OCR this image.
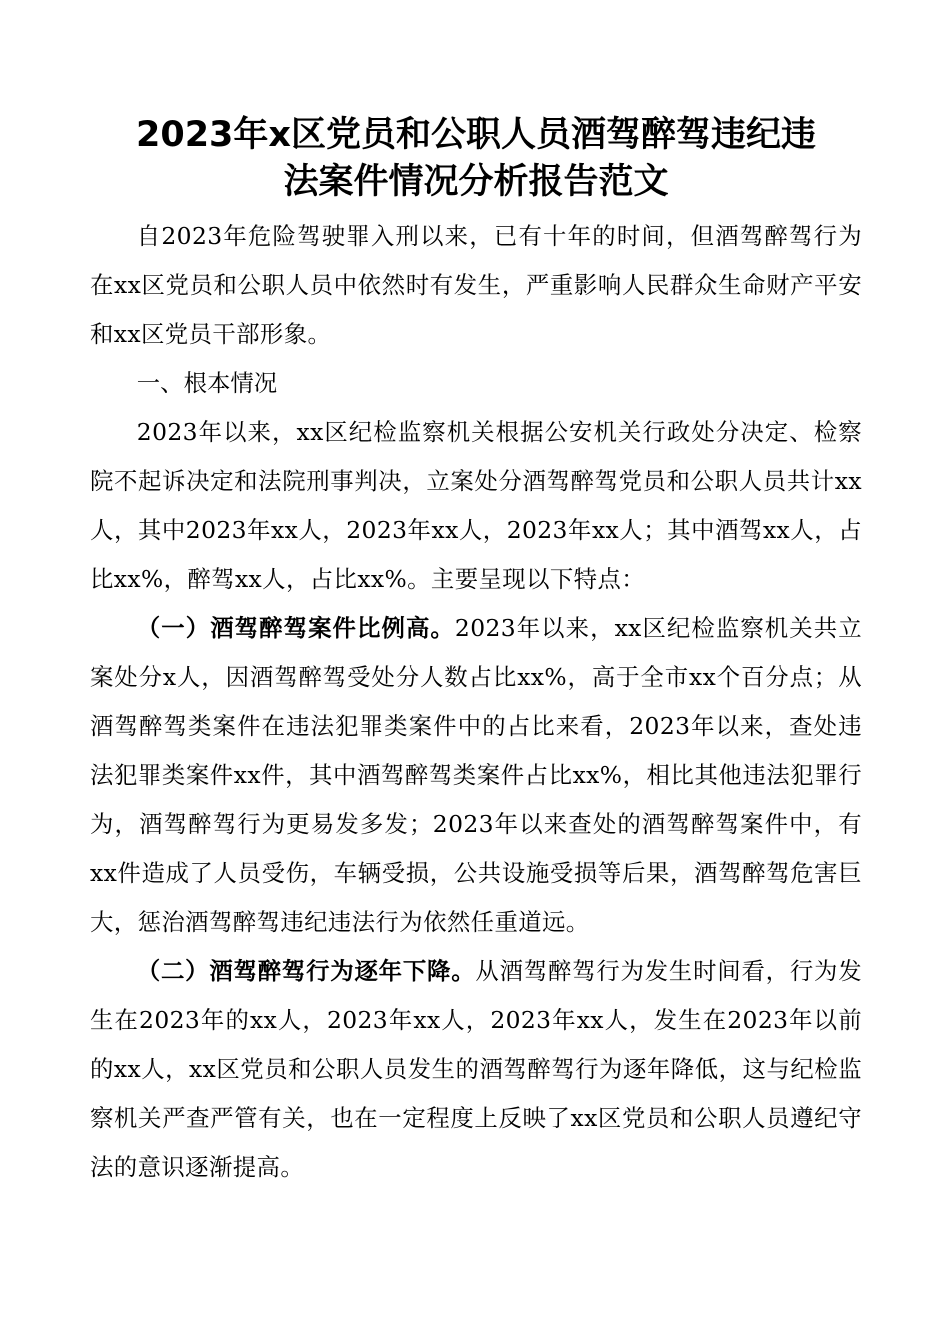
2023年x区党员和公职人员酒驾醉驾违纪违
法案件情况分析报告范文

自2023年危险驾驶罪入刑以来，已有十年的时间，但酒驾醉驾行为在xx区党员和公职人员中依然时有发生，严重影响人民群众生命财产平安和xx区党员干部形象。

一、根本情况

2023年以来，xx区纪检监察机关根据公安机关行政处分决定、检察院不起诉决定和法院刑事判决，立案处分酒驾醉驾党员和公职人员共计xx人，其中2023年xx人，2023年xx人，2023年xx人；其中酒驾xx人，占比xx%，醉驾xx人，占比xx%。主要呈现以下特点：

（一）酒驾醉驾案件比例高。2023年以来，xx区纪检监察机关共立案处分x人，因酒驾醉驾受处分人数占比xx%，高于全市xx个百分点；从酒驾醉驾类案件在违法犯罪类案件中的占比来看，2023年以来，查处违法犯罪类案件xx件，其中酒驾醉驾类案件占比xx%，相比其他违法犯罪行为，酒驾醉驾行为更易发多发；2023年以来查处的酒驾醉驾案件中，有xx件造成了人员受伤，车辆受损，公共设施受损等后果，酒驾醉驾危害巨大，惩治酒驾醉驾违纪违法行为依然任重道远。

（二）酒驾醉驾行为逐年下降。从酒驾醉驾行为发生时间看，行为发生在2023年的xx人，2023年xx人，2023年xx人，发生在2023年以前的xx人，xx区党员和公职人员发生的酒驾醉驾行为逐年降低，这与纪检监察机关严查严管有关，也在一定程度上反映了xx区党员和公职人员遵纪守法的意识逐渐提高。
